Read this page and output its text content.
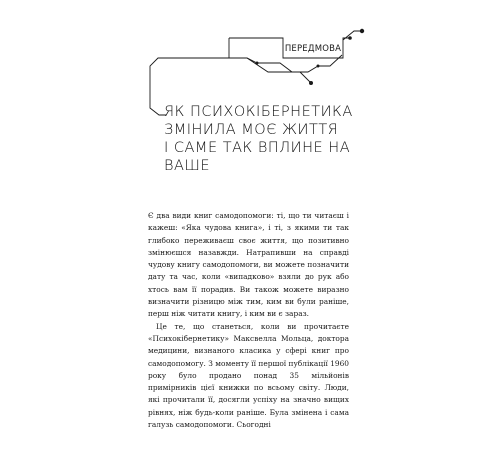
ПЕРЕДМОВА
ЯК ПСИХОКІБЕРНЕТИКА
ЗМІНИЛА МОЄ ЖИТТЯ
І САМЕ ТАК ВПЛИНЕ НА
ВАШЕ

Є два види книг самодопомоги: ті, що ти читаєш і кажеш: «Яка чудова книга», і ті, з якими ти так глибоко переживаєш своє життя, що позитивно змінюєшся назавжди. Натрапивши на справді чудову книгу самодопомоги, ви можете позначити дату та час, коли «випадково» взяли до рук або хтось вам її порадив. Ви також можете виразно визначити різницю між тим, ким ви були раніше, перш ніж читати книгу, і ким ви є зараз.

Це те, що станеться, коли ви прочитаєте «Психокібернетику» Максвелла Мольца, доктора медицини, визнаного класика у сфері книг про самодопомогу. З моменту її першої публікації 1960 року було продано понад 35 мільйонів примірників цієї книжки по всьому світу. Люди, які прочитали її, досягли успіху на значно вищих рівнях, ніж будь-коли раніше. Була змінена і сама галузь самодопомоги. Сьогодні
